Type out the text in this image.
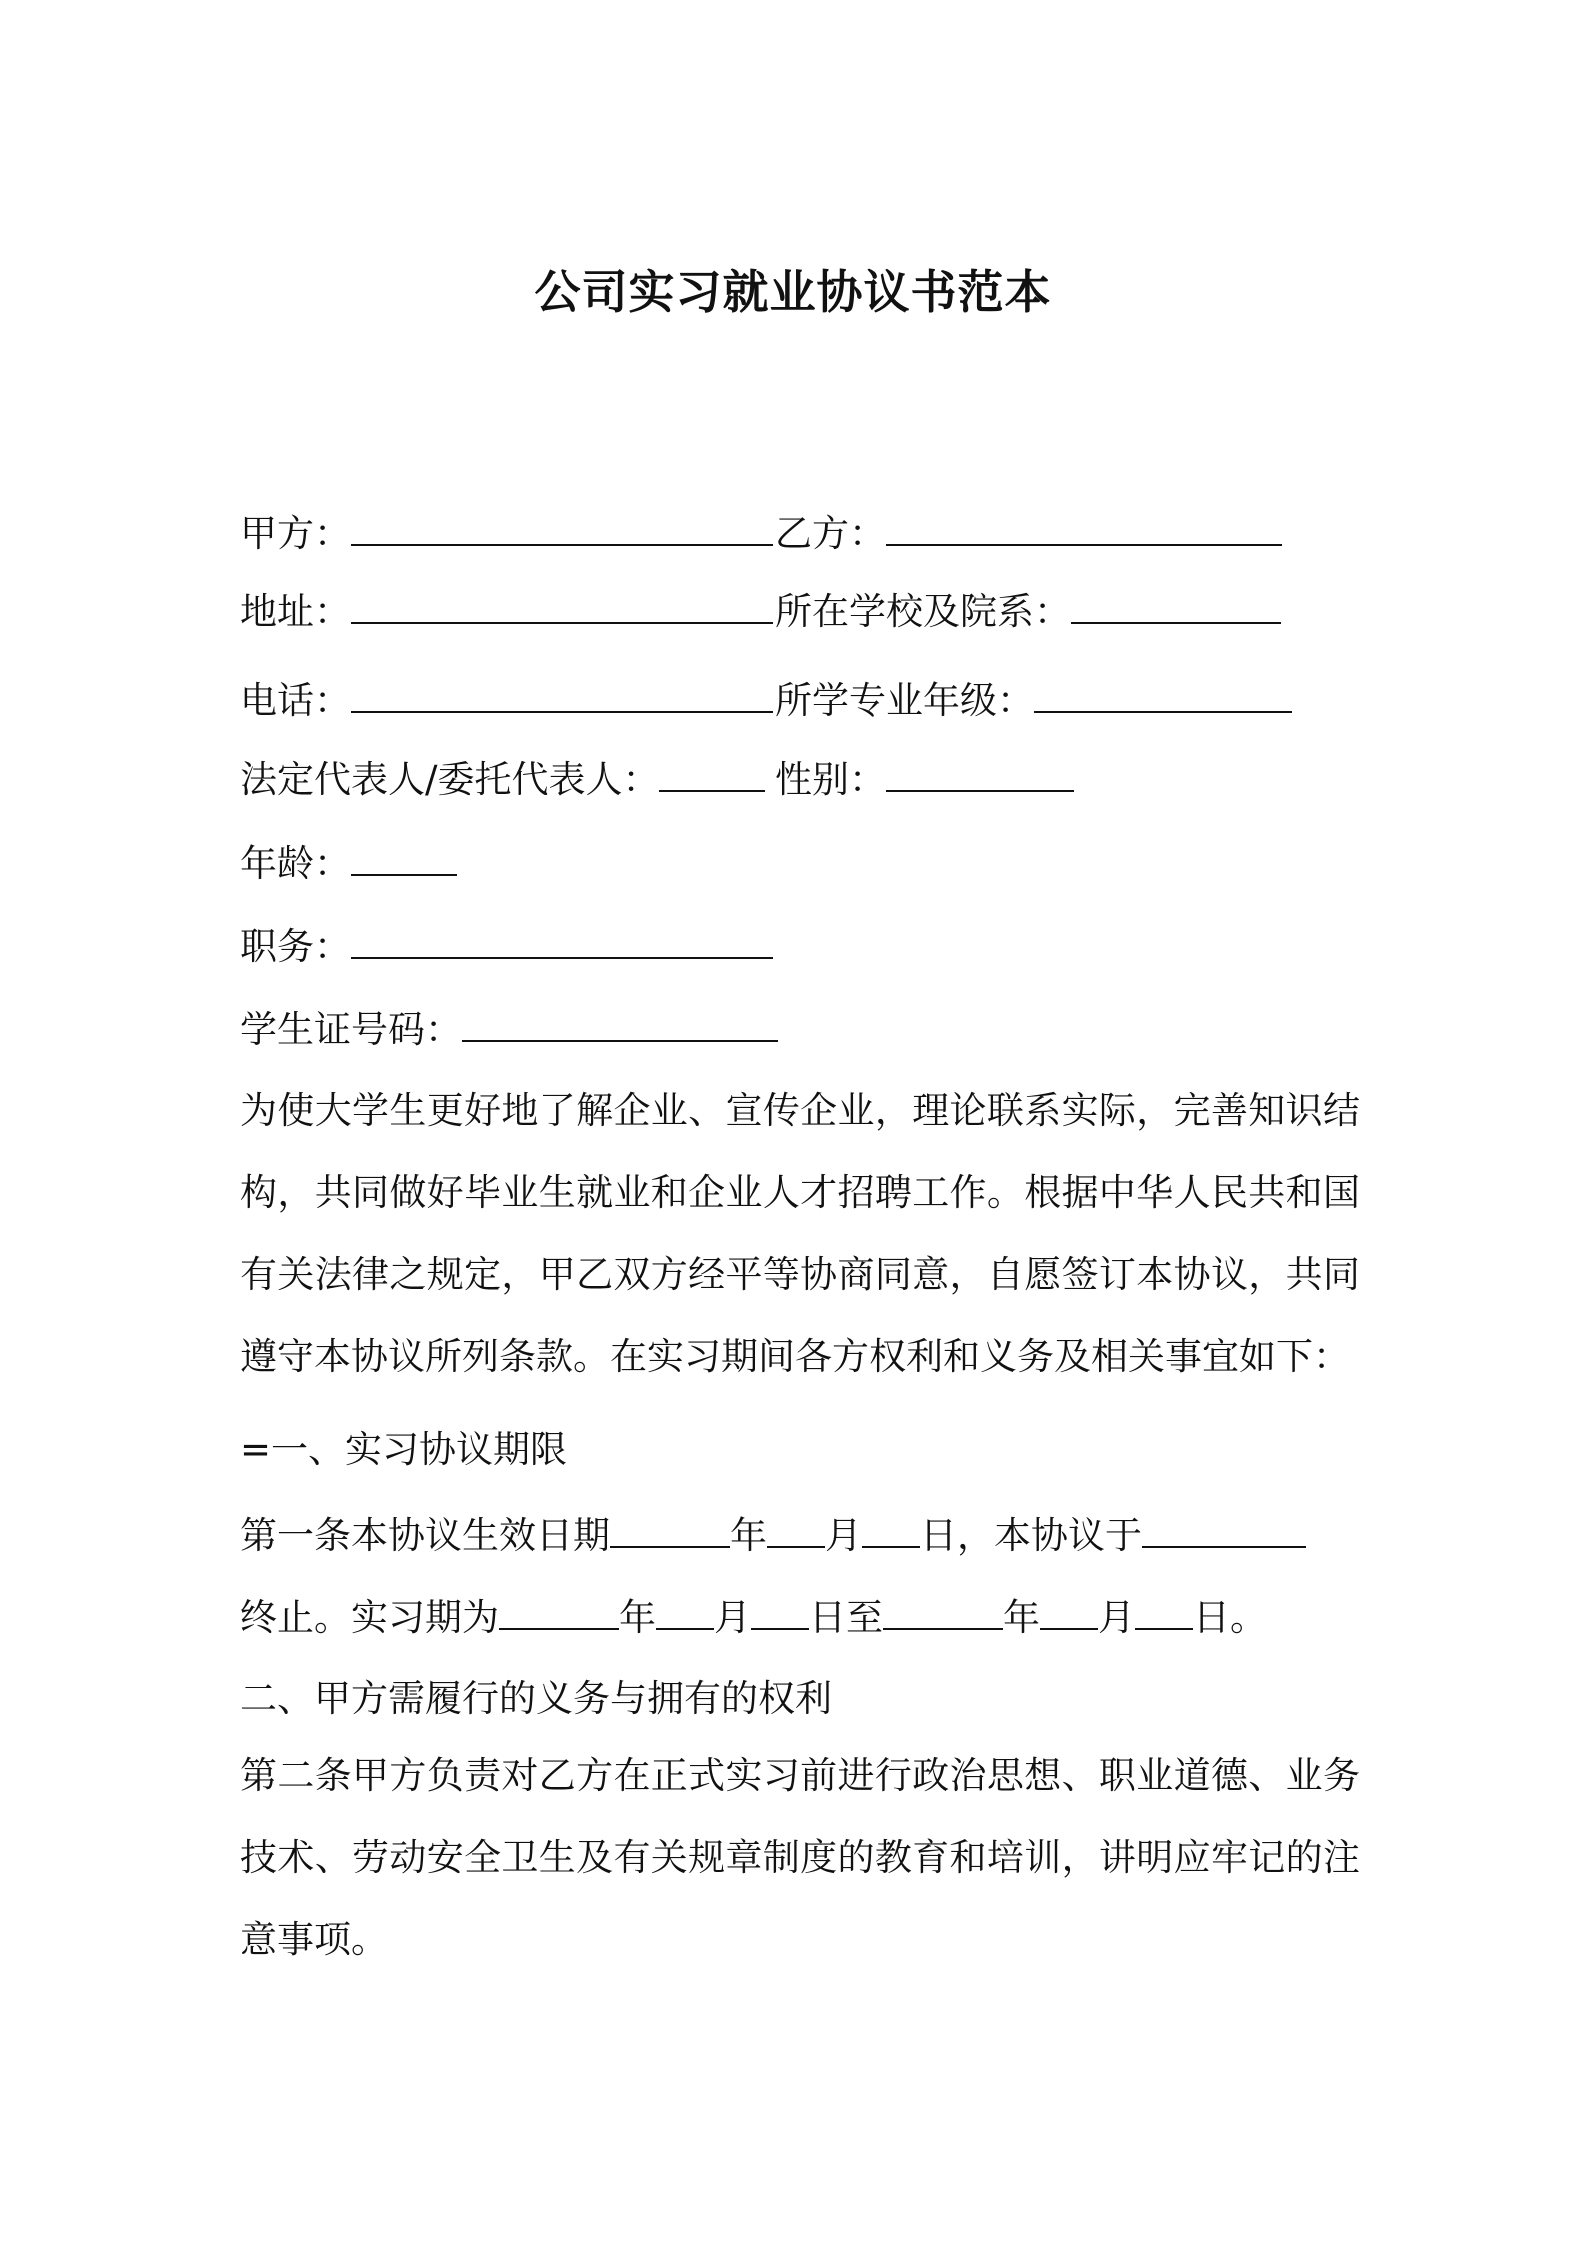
公司实习就业协议书范本
甲方：	乙方：
地址：	所在学校及院系：
电话：	所学专业年级：
法定代表人/委托代表人：	性别：
年龄：
职务：
学生证号码：

为使大学生更好地了解企业、宣传企业，理论联系实际，完善知识结构，共同做好毕业生就业和企业人才招聘工作。根据中华人民共和国有关法律之规定，甲乙双方经平等协商同意，自愿签订本协议，共同遵守本协议所列条款。在实习期间各方权利和义务及相关事宜如下：

=一、实习协议期限
第一条本协议生效日期	年 月 日，本协议于
终止。实习期为	年 月 日至	年 月 日。
二、甲方需履行的义务与拥有的权利

第二条甲方负责对乙方在正式实习前进行政治思想、职业道德、业务技术、劳动安全卫生及有关规章制度的教育和培训，讲明应牢记的注意事项。
